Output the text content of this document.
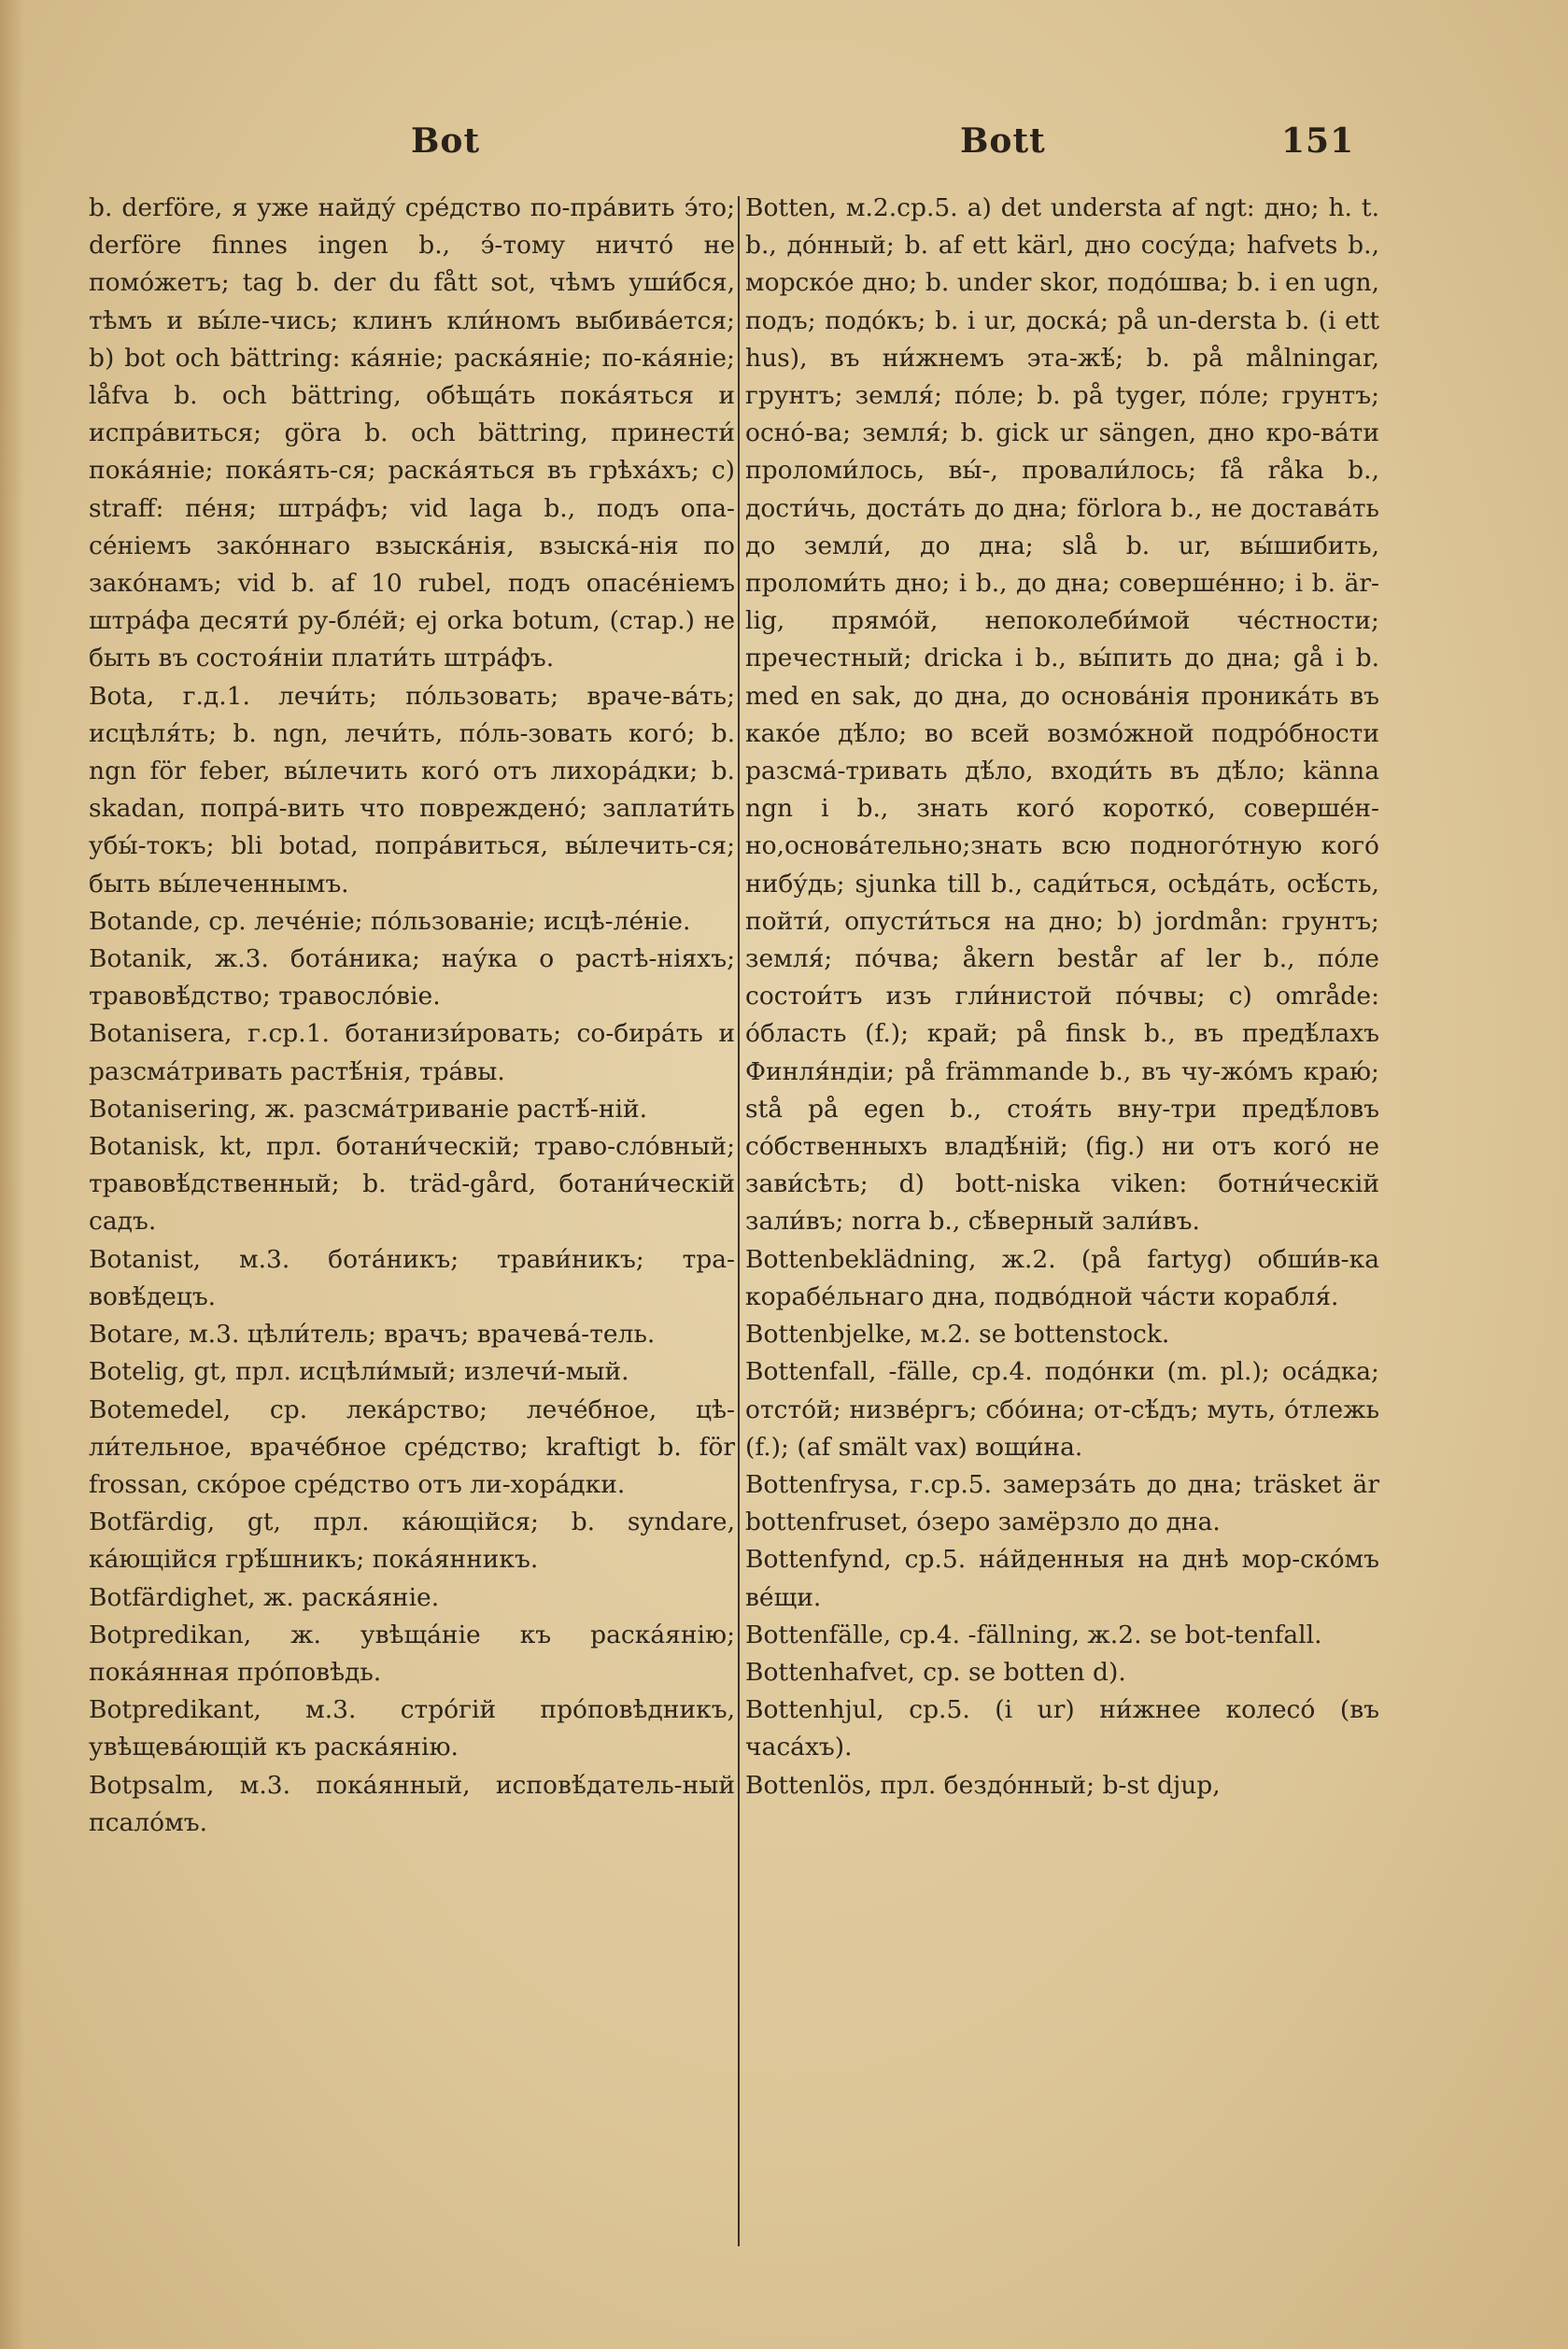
Bot	Bott	151

b. derföre, я уже найду́ сре́дство по-пра́вить э́то; derföre finnes ingen b., э́-тому ничто́ не помо́жетъ; tag b. der du fått sot, чѣмъ уши́бся, тѣмъ и вы́ле-чись; клинъ кли́номъ выбива́ется; b) bot och bättring: ка́яніе; раска́яніе; по-ка́яніе; låfva b. och bättring, обѣща́ть пока́яться и испра́виться; göra b. och bättring, принести́ пока́яніе; пока́ять-ся; раска́яться въ грѣха́хъ; c) straff: пе́ня; штра́фъ; vid laga b., подъ опа-се́ніемъ зако́ннаго взыска́нія, взыска́-нія по зако́намъ; vid b. af 10 rubel, подъ опасе́ніемъ штра́фа десяти́ ру-бле́й; ej orka botum, (стар.) не быть въ состоя́ніи плати́ть штра́фъ.

Bota, г.д.1. лечи́ть; по́льзовать; враче-ва́ть; исцѣля́ть; b. ngn, лечи́ть, по́ль-зовать кого́; b. ngn för feber, вы́лечить кого́ отъ лихора́дки; b. skadan, попра́-вить что повреждено́; заплати́ть убы́-токъ; bli botad, попра́виться, вы́лечить-ся; быть вы́леченнымъ.

Botande, ср. лече́ніе; по́льзованіе; исцѣ-ле́ніе.

Botanik, ж.3. бота́ника; нау́ка о растѣ-ніяхъ; травовѣ́дство; травосло́віе.

Botanisera, г.ср.1. ботанизи́ровать; со-бира́ть и разсма́тривать растѣ́нія, тра́вы.

Botanisering, ж. разсма́триваніе растѣ́-ній.

Botanisk, kt, прл. ботани́ческій; траво-сло́вный; травовѣ́дственный; b. träd-gård, ботани́ческій садъ.

Botanist, м.3. бота́никъ; трави́никъ; тра-вовѣ́децъ.

Botare, м.3. цѣли́тель; врачъ; врачева́-тель.

Botelig, gt, прл. исцѣли́мый; излечи́-мый.

Botemedel, ср. лека́рство; лече́бное, цѣ-ли́тельное, враче́бное сре́дство; kraftigt b. för frossan, ско́рое сре́дство отъ ли-хора́дки.

Botfärdig, gt, прл. ка́ющійся; b. syndare, ка́ющійся грѣ́шникъ; пока́янникъ.

Botfärdighet, ж. раска́яніе.

Botpredikan, ж. увѣща́ніе къ раска́янію; пока́янная про́повѣдь.

Botpredikant, м.3. стро́гій про́повѣдникъ, увѣщева́ющій къ раска́янію.

Botpsalm, м.3. пока́янный, исповѣ́датель-ный псало́мъ.

Botten, м.2.ср.5. a) det understa af ngt: дно; h. t. b., до́нный; b. af ett kärl, дно сосу́да; hafvets b., морско́е дно; b. under skor, подо́шва; b. i en ugn, подъ; подо́къ; b. i ur, доска́; på un-dersta b. (i ett hus), въ ни́жнемъ эта-жѣ́; b. på målningar, грунтъ; земля́; по́ле; b. på tyger, по́ле; грунтъ; осно́-ва; земля́; b. gick ur sängen, дно кро-ва́ти проломи́лось, вы́-, провали́лось; få råka b., дости́чь, доста́ть до дна; förlora b., не достава́ть до земли́, до дна; slå b. ur, вы́шибить, проломи́ть дно; i b., до дна; соверше́нно; i b. är-lig, прямо́й, непоколеби́мой че́стности; пречестный; dricka i b., вы́пить до дна; gå i b. med en sak, до дна, до основа́нія проника́ть въ како́е дѣ́ло; во всей возмо́жной подро́бности разсма́-тривать дѣ́ло, входи́ть въ дѣ́ло; känna ngn i b., знать кого́ коротко́, соверше́н-но,основа́тельно;знать всю подного́тную кого́ нибу́дь; sjunka till b., сади́ться, осѣда́ть, осѣ́сть, пойти́, опусти́ться на дно; b) jordmån: грунтъ; земля́; по́чва; åkern består af ler b., по́ле состои́тъ изъ гли́нистой по́чвы; c) område: о́бласть (f.); край; på finsk b., въ предѣ́лахъ Финля́ндіи; på främmande b., въ чу-жо́мъ краю́; stå på egen b., стоя́ть вну-три предѣ́ловъ со́бственныхъ владѣ́ній; (fig.) ни отъ кого́ не зави́сѣть; d) bott-niska viken: ботни́ческій зали́въ; norra b., сѣ́верный зали́въ.

Bottenbeklädning, ж.2. (på fartyg) обши́в-ка корабе́льнаго дна, подво́дной ча́сти корабля́.

Bottenbjelke, м.2. se bottenstock.

Bottenfall, -fälle, ср.4. подо́нки (m. pl.); оса́дка; отсто́й; низве́ргъ; сбо́ина; от-сѣ́дъ; муть, о́тлежь (f.); (af smält vax) вощи́на.

Bottenfrysa, г.ср.5. замерза́ть до дна; träsket är bottenfruset, о́зеро замёрзло до дна.

Bottenfynd, ср.5. на́йденныя на днѣ мор-ско́мъ ве́щи.

Bottenfälle, ср.4. -fällning, ж.2. se bot-tenfall.

Bottenhafvet, ср. se botten d).

Bottenhjul, ср.5. (i ur) ни́жнее колесо́ (въ часа́хъ).

Bottenlös, прл. бездо́нный; b-st djup,
